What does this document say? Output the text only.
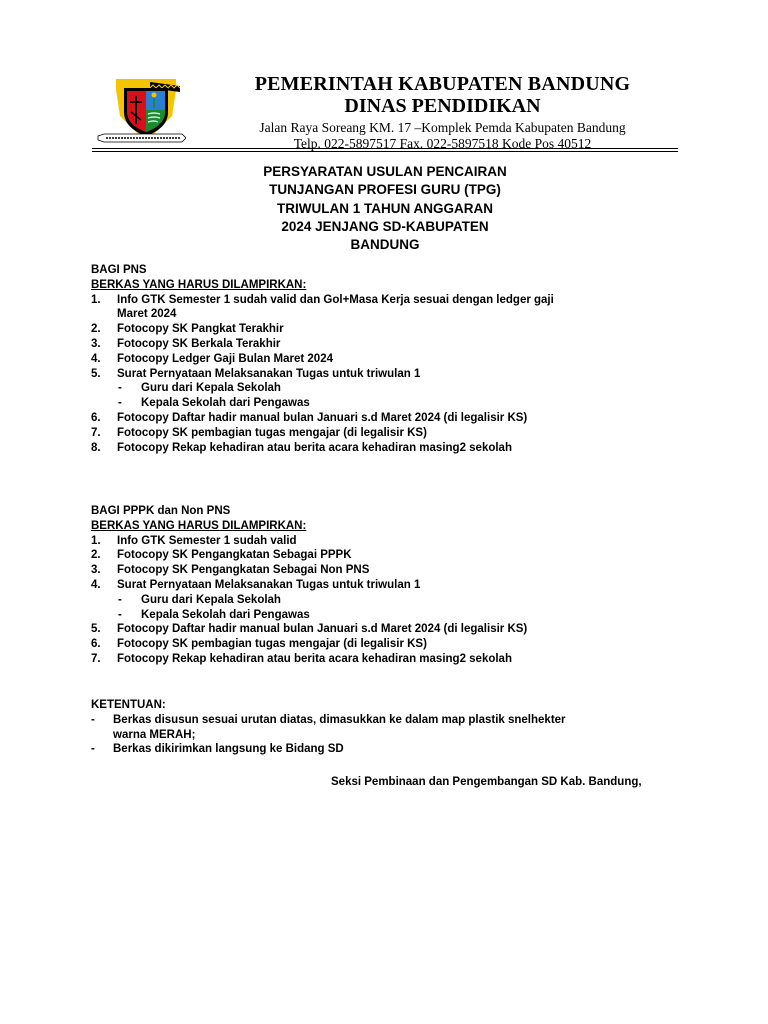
PEMERINTAH KABUPATEN BANDUNG
DINAS PENDIDIKAN
Jalan Raya Soreang KM. 17 –Komplek Pemda Kabupaten Bandung
Telp. 022-5897517 Fax. 022-5897518 Kode Pos 40512
PERSYARATAN USULAN PENCAIRAN
TUNJANGAN PROFESI GURU (TPG)
TRIWULAN 1 TAHUN ANGGARAN
2024 JENJANG SD-KABUPATEN
BANDUNG
BAGI PNS
BERKAS YANG HARUS DILAMPIRKAN:
1. Info GTK Semester 1 sudah valid dan Gol+Masa Kerja sesuai dengan ledger gaji
Maret 2024
2. Fotocopy SK Pangkat Terakhir
3. Fotocopy SK Berkala Terakhir
4. Fotocopy Ledger Gaji Bulan Maret 2024
5. Surat Pernyataan Melaksanakan Tugas untuk triwulan 1
- Guru dari Kepala Sekolah
- Kepala Sekolah dari Pengawas
6. Fotocopy Daftar hadir manual bulan Januari s.d Maret 2024 (di legalisir KS)
7. Fotocopy SK pembagian tugas mengajar (di legalisir KS)
8. Fotocopy Rekap kehadiran atau berita acara kehadiran masing2 sekolah
BAGI PPPK dan Non PNS
BERKAS YANG HARUS DILAMPIRKAN:
1. Info GTK Semester 1 sudah valid
2. Fotocopy SK Pengangkatan Sebagai PPPK
3. Fotocopy SK Pengangkatan Sebagai Non PNS
4. Surat Pernyataan Melaksanakan Tugas untuk triwulan 1
- Guru dari Kepala Sekolah
- Kepala Sekolah dari Pengawas
5. Fotocopy Daftar hadir manual bulan Januari s.d Maret 2024 (di legalisir KS)
6. Fotocopy SK pembagian tugas mengajar (di legalisir KS)
7. Fotocopy Rekap kehadiran atau berita acara kehadiran masing2 sekolah
KETENTUAN:
- Berkas disusun sesuai urutan diatas, dimasukkan ke dalam map plastik snelhekter
warna MERAH;
- Berkas dikirimkan langsung ke Bidang SD
Seksi Pembinaan dan Pengembangan SD Kab. Bandung,
